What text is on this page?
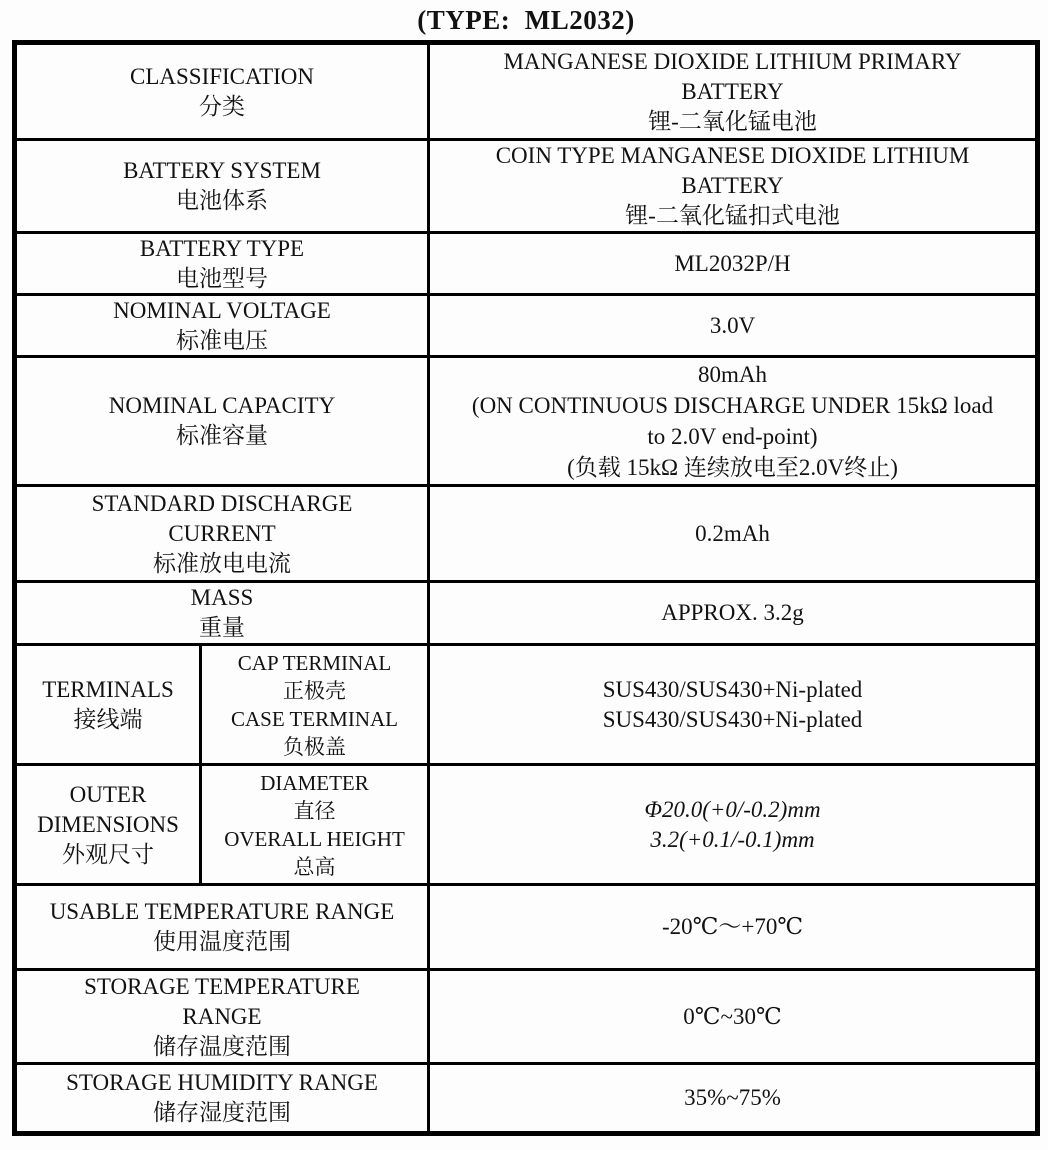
(TYPE:  ML2032)
CLASSIFICATION
分类
MANGANESE DIOXIDE LITHIUM PRIMARY
BATTERY
锂-二氧化锰电池
BATTERY SYSTEM
电池体系
COIN TYPE MANGANESE DIOXIDE LITHIUM
BATTERY
锂-二氧化锰扣式电池
BATTERY TYPE
电池型号
ML2032P/H
NOMINAL VOLTAGE
标准电压
3.0V
NOMINAL CAPACITY
标准容量
80mAh
(ON CONTINUOUS DISCHARGE UNDER 15kΩ load
to 2.0V end-point)
(负载 15kΩ 连续放电至2.0V终止)
STANDARD DISCHARGE
CURRENT
标准放电电流
0.2mAh
MASS
重量
APPROX. 3.2g
TERMINALS
接线端
CAP TERMINAL
正极壳
CASE TERMINAL
负极盖
SUS430/SUS430+Ni-plated
SUS430/SUS430+Ni-plated
OUTER
DIMENSIONS
外观尺寸
DIAMETER
直径
OVERALL HEIGHT
总高
Φ20.0(+0/-0.2)mm
3.2(+0.1/-0.1)mm
USABLE TEMPERATURE RANGE
使用温度范围
-20℃～+70℃
STORAGE TEMPERATURE
RANGE
储存温度范围
0℃~30℃
STORAGE HUMIDITY RANGE
储存湿度范围
35%~75%
